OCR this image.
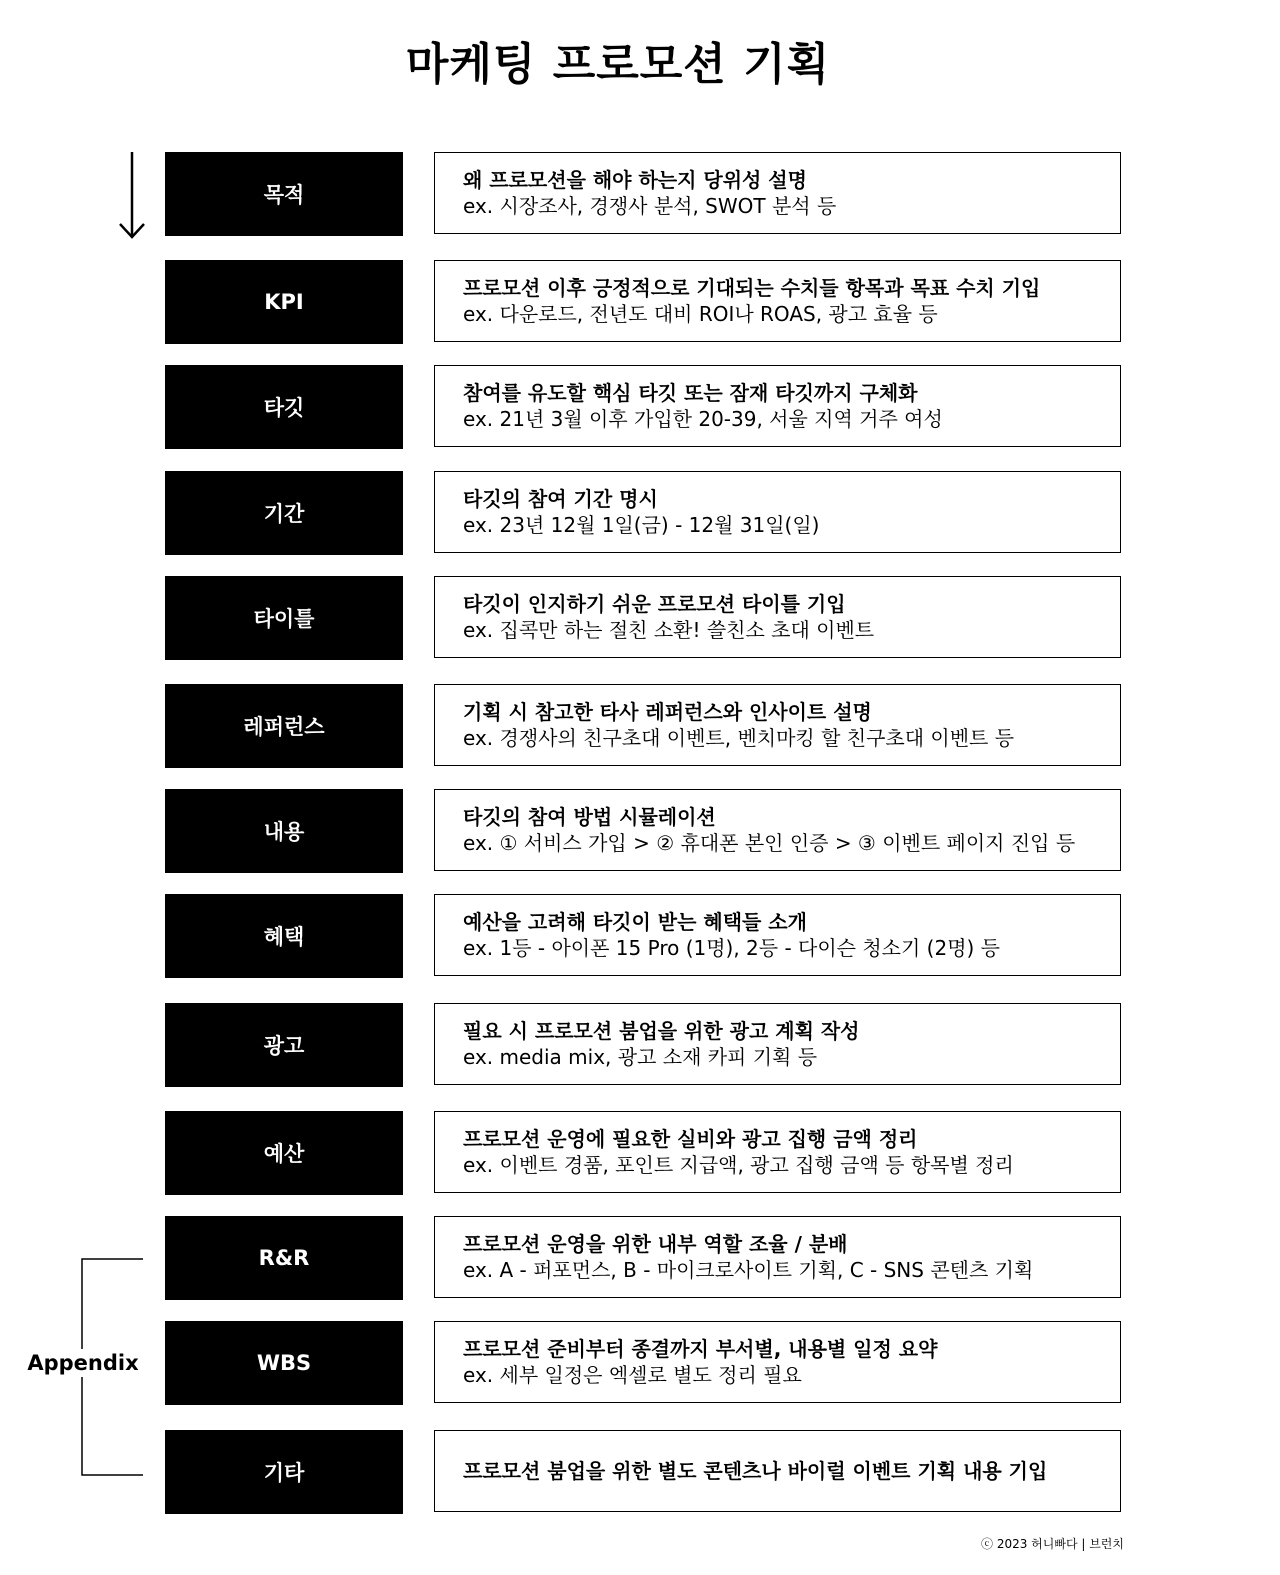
마케팅 프로모션 기획
Appendix
목적
왜 프로모션을 해야 하는지 당위성 설명
ex. 시장조사, 경쟁사 분석, SWOT 분석 등
KPI
프로모션 이후 긍정적으로 기대되는 수치들 항목과 목표 수치 기입
ex. 다운로드, 전년도 대비 ROI나 ROAS, 광고 효율 등
타깃
참여를 유도할 핵심 타깃 또는 잠재 타깃까지 구체화
ex. 21년 3월 이후 가입한 20-39, 서울 지역 거주 여성
기간
타깃의 참여 기간 명시
ex. 23년 12월 1일(금) - 12월 31일(일)
타이틀
타깃이 인지하기 쉬운 프로모션 타이틀 기입
ex. 집콕만 하는 절친 소환! 쓸친소 초대 이벤트
레퍼런스
기획 시 참고한 타사 레퍼런스와 인사이트 설명
ex. 경쟁사의 친구초대 이벤트, 벤치마킹 할 친구초대 이벤트 등
내용
타깃의 참여 방법 시뮬레이션
ex. ① 서비스 가입 > ② 휴대폰 본인 인증 > ③ 이벤트 페이지 진입 등
혜택
예산을 고려해 타깃이 받는 혜택들 소개
ex. 1등 - 아이폰 15 Pro (1명), 2등 - 다이슨 청소기 (2명) 등
광고
필요 시 프로모션 붐업을 위한 광고 계획 작성
ex. media mix, 광고 소재 카피 기획 등
예산
프로모션 운영에 필요한 실비와 광고 집행 금액 정리
ex. 이벤트 경품, 포인트 지급액, 광고 집행 금액 등 항목별 정리
R&R
프로모션 운영을 위한 내부 역할 조율 / 분배
ex. A - 퍼포먼스, B - 마이크로사이트 기획, C - SNS 콘텐츠 기획
WBS
프로모션 준비부터 종결까지 부서별, 내용별 일정 요약
ex. 세부 일정은 엑셀로 별도 정리 필요
기타	프로모션 붐업을 위한 별도 콘텐츠나 바이럴 이벤트 기획 내용 기입
ⓒ 2023 허니빠다 | 브런치
